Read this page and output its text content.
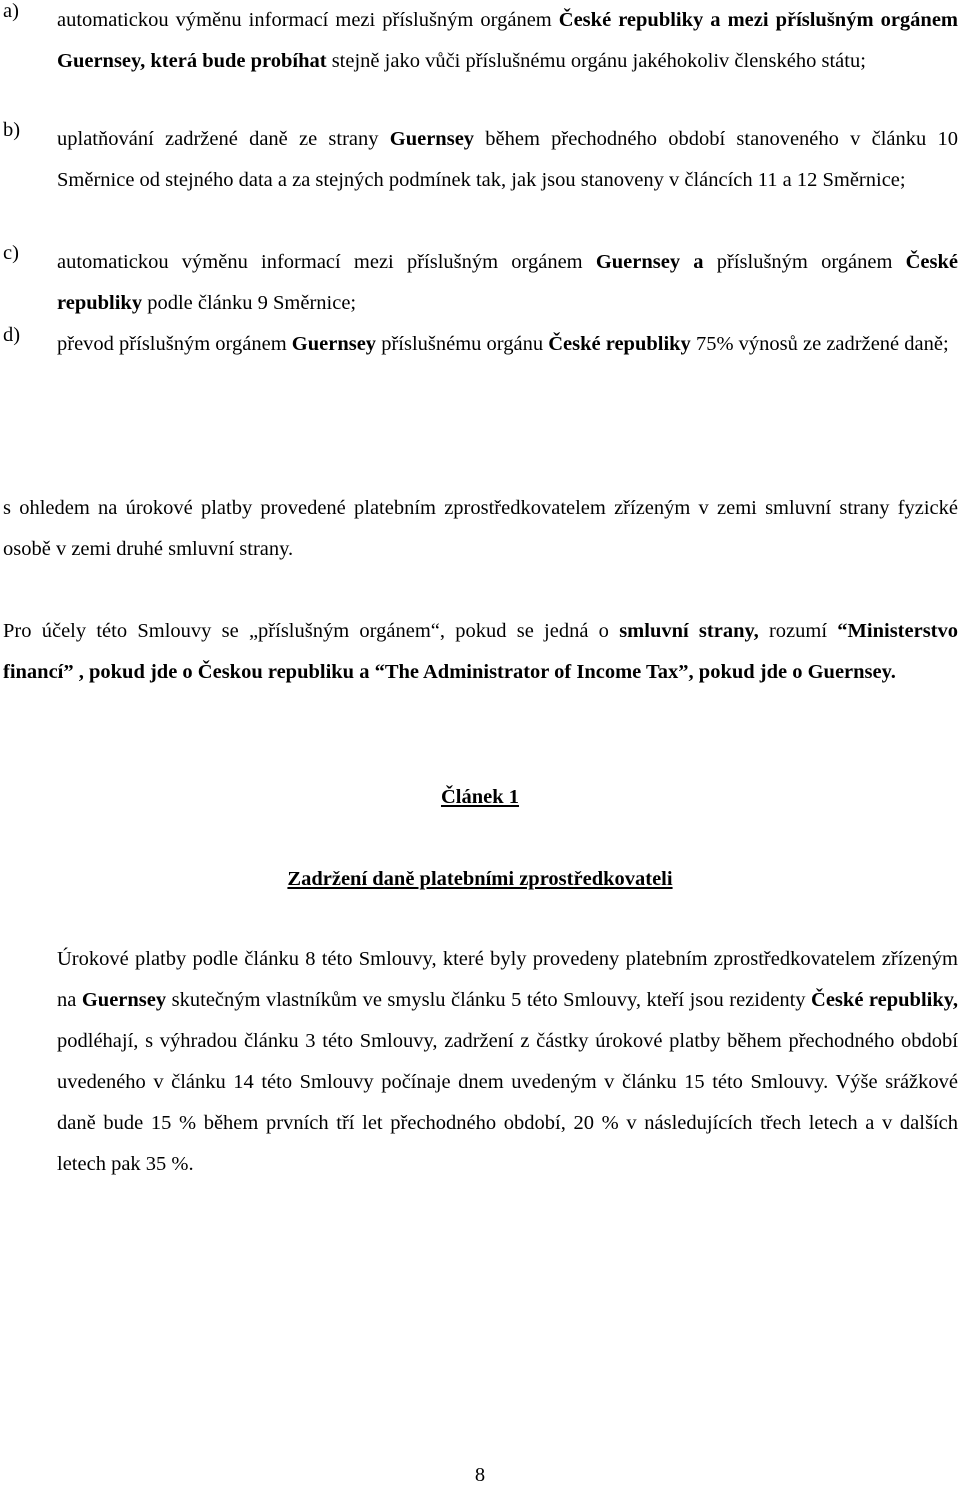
a) automatickou výměnu informací mezi příslušným orgánem České republiky a mezi příslušným orgánem Guernsey, která bude probíhat stejně jako vůči příslušnému orgánu jakéhokoliv členského státu;
b) uplatňování zadržené daně ze strany Guernsey během přechodného období stanoveného v článku 10 Směrnice od stejného data a za stejných podmínek tak, jak jsou stanoveny v článcích 11 a 12 Směrnice;
c) automatickou výměnu informací mezi příslušným orgánem Guernsey a příslušným orgánem České republiky podle článku 9 Směrnice;
d) převod příslušným orgánem Guernsey příslušnému orgánu České republiky 75% výnosů ze zadržené daně;
s ohledem na úrokové platby provedené platebním zprostředkovatelem zřízeným v zemi smluvní strany fyzické osobě v zemi druhé smluvní strany.
Pro účely této Smlouvy se „příslušným orgánem“, pokud se jedná o smluvní strany, rozumí “Ministerstvo financí” , pokud jde o Českou republiku a “The Administrator of Income Tax”, pokud jde o Guernsey.
Článek 1
Zadržení daně platebními zprostředkovateli
Úrokové platby podle článku 8 této Smlouvy, které byly provedeny platebním zprostředkovatelem zřízeným na Guernsey skutečným vlastníkům ve smyslu článku 5 této Smlouvy, kteří jsou rezidenty České republiky, podléhají, s výhradou článku 3 této Smlouvy, zadržení z částky úrokové platby během přechodného období uvedeného v článku 14 této Smlouvy počínaje dnem uvedeným v článku 15 této Smlouvy. Výše srážkové daně bude 15 % během prvních tří let přechodného období, 20 % v následujících třech letech a v dalších letech pak 35 %.
8
